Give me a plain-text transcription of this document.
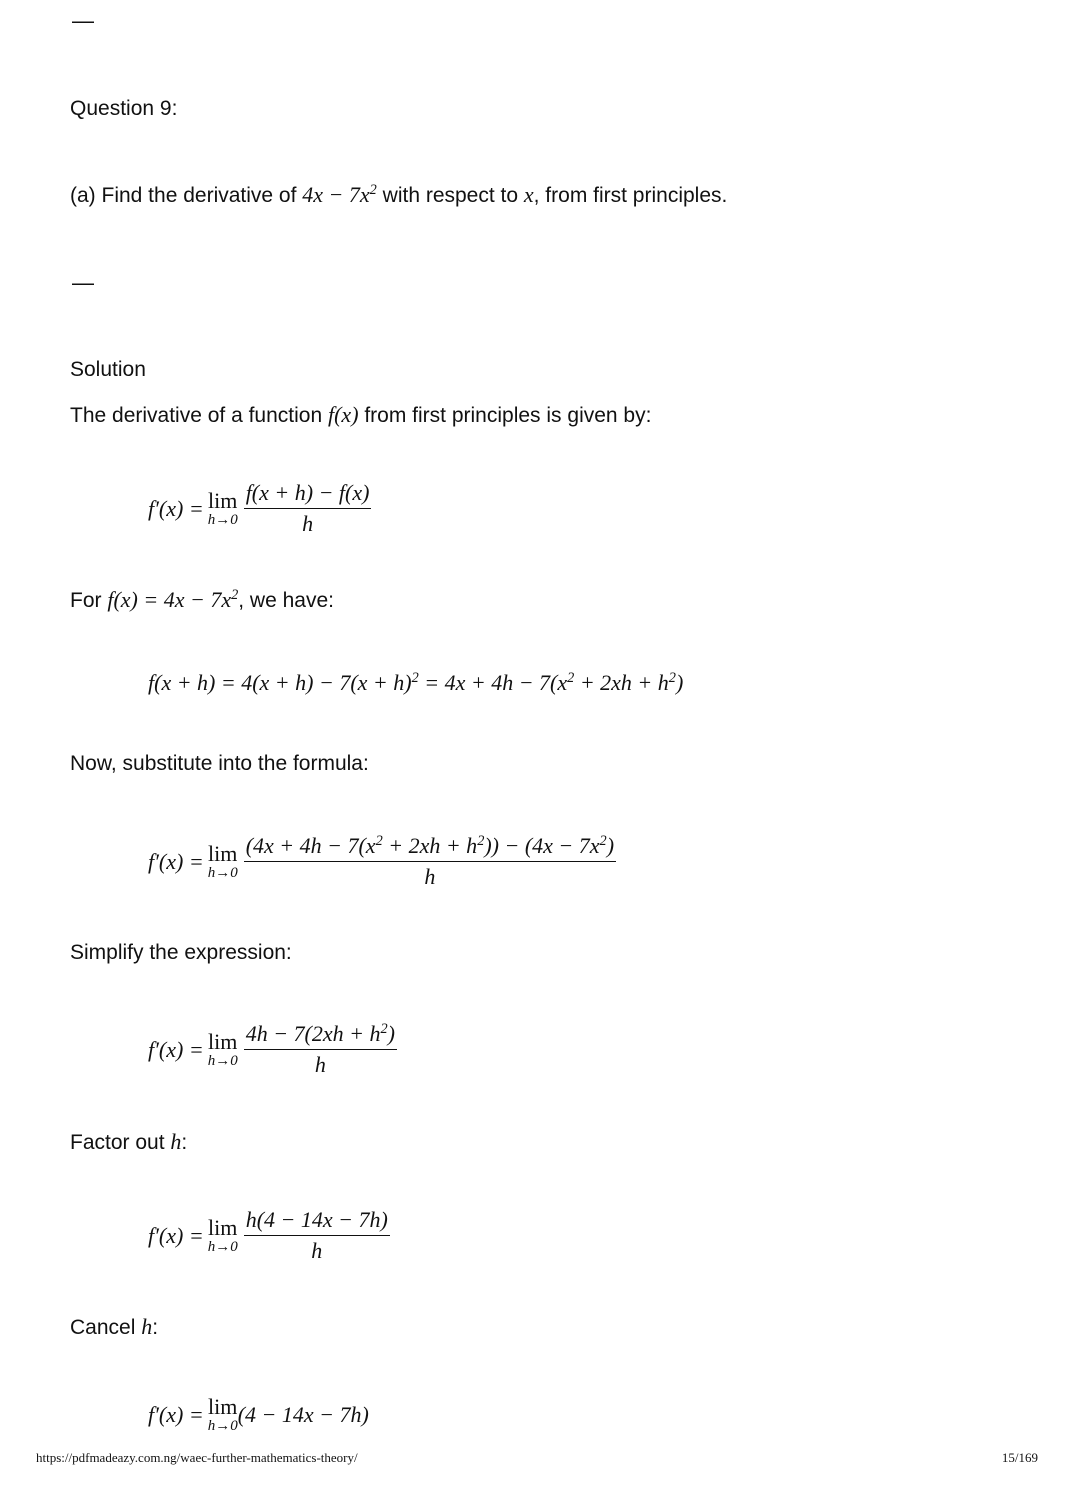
—
Question 9:
(a) Find the derivative of $4x - 7x^2$ with respect to x, from first principles.
—
Solution
The derivative of a function f(x) from first principles is given by:
f′(x) = lim
$h\to 0 \frac{f(x + h) - f(x)}{h}$
For $f(x) = 4x - 7x^2$, we have:
$f(x + h) = 4(x + h) - 7(x + h)^2 = 4x + 4h - 7(x^2 + 2xh + h^2)$
Now, substitute into the formula:
f′(x) = lim
$h\to 0 \frac{(4x + 4h - 7(x^2 + 2xh + h^2)) - (4x - 7x^2)}{h}$
Simplify the expression:
f′(x) = lim
$h\to 0 \frac{4h - 7(2xh + h^2)}{h}$
Factor out h:
f′(x) = lim
$h\to 0 \frac{h(4 - 14x - 7h)}{h}$
Cancel h:
f′(x) = lim
h→0 (4 − 14x − 7h)
https://pdfmadeazy.com.ng/waec-further-mathematics-theory/	15/169
